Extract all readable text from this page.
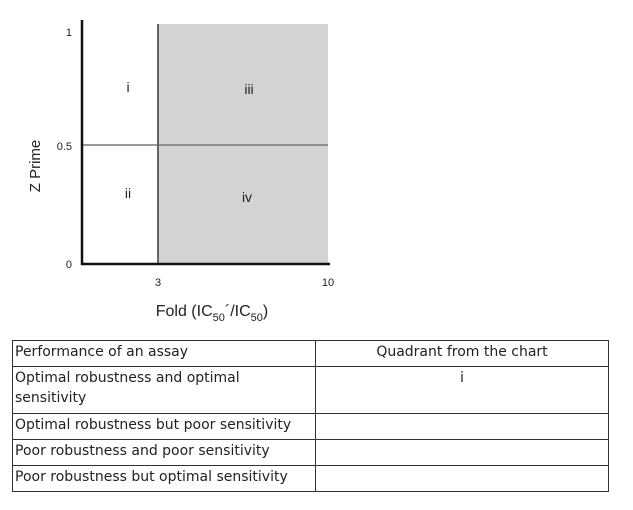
1
0.5
0
3	10
i	iii
ii	iv
Z Prime
Fold $(IC_{50}´/IC_{50})$
Performance of an assay	Quadrant from the chart
Optimal robustness and optimal sensitivity	i
Optimal robustness but poor sensitivity	
Poor robustness and poor sensitivity	
Poor robustness but optimal sensitivity	
